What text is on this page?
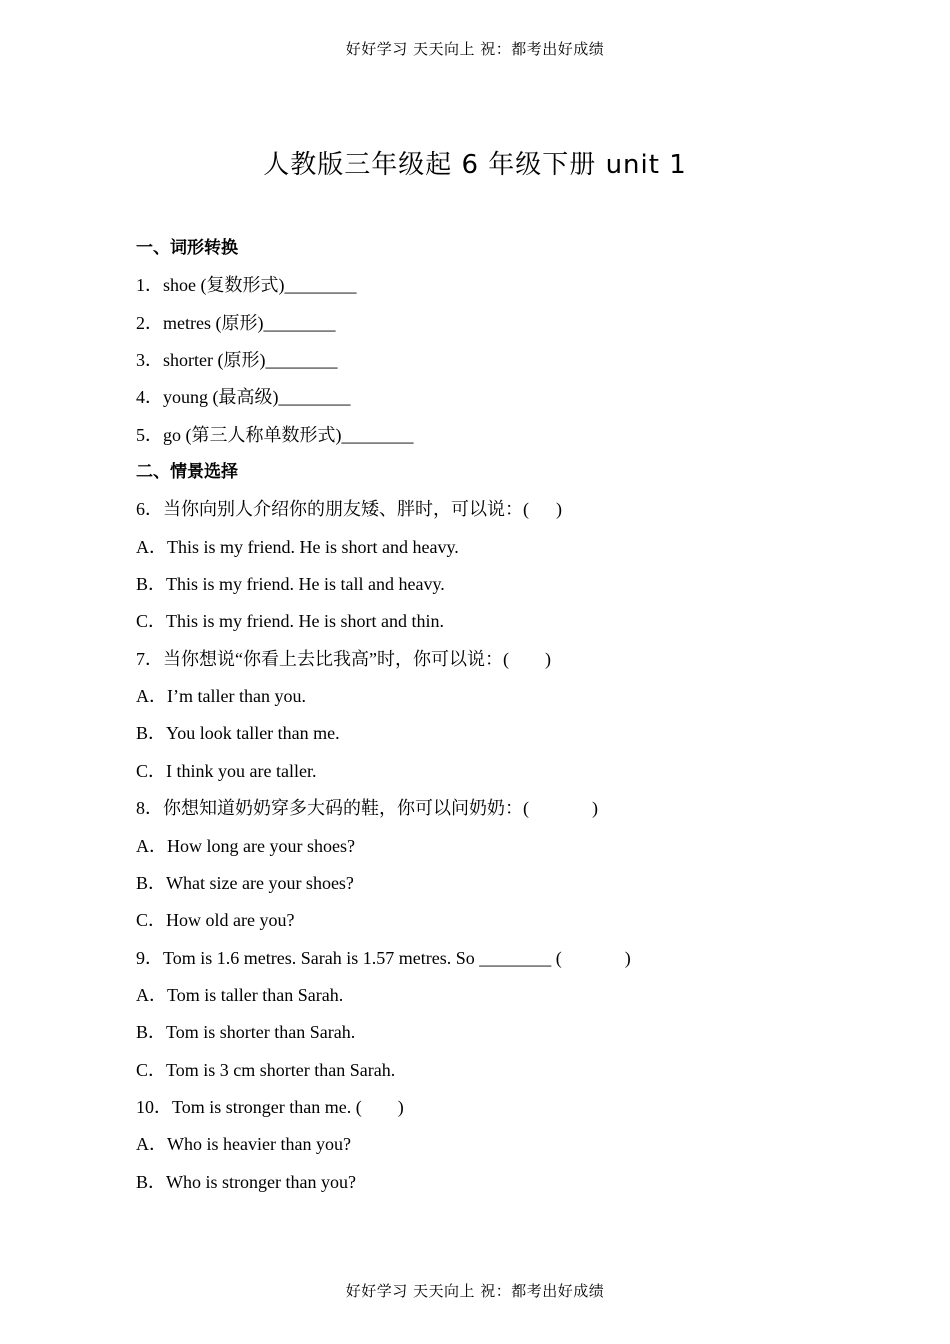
好好学习 天天向上 祝：都考出好成绩
人教版三年级起 6 年级下册 unit 1
一、词形转换
1．shoe (复数形式)________
2．metres (原形)________
3．shorter (原形)________
4．young (最高级)________
5．go (第三人称单数形式)________
二、情景选择
6．当你向别人介绍你的朋友矮、胖时，可以说：(      )
A．This is my friend. He is short and heavy.
B．This is my friend. He is tall and heavy.
C．This is my friend. He is short and thin.
7．当你想说“你看上去比我高”时，你可以说：(        )
A．I’m taller than you.
B．You look taller than me.
C．I think you are taller.
8．你想知道奶奶穿多大码的鞋，你可以问奶奶：(              )
A．How long are your shoes?
B．What size are your shoes?
C．How old are you?
9．Tom is 1.6 metres. Sarah is 1.57 metres. So ________ (              )
A．Tom is taller than Sarah.
B．Tom is shorter than Sarah.
C．Tom is 3 cm shorter than Sarah.
10．Tom is stronger than me. (        )
A．Who is heavier than you?
B．Who is stronger than you?
好好学习 天天向上 祝：都考出好成绩
